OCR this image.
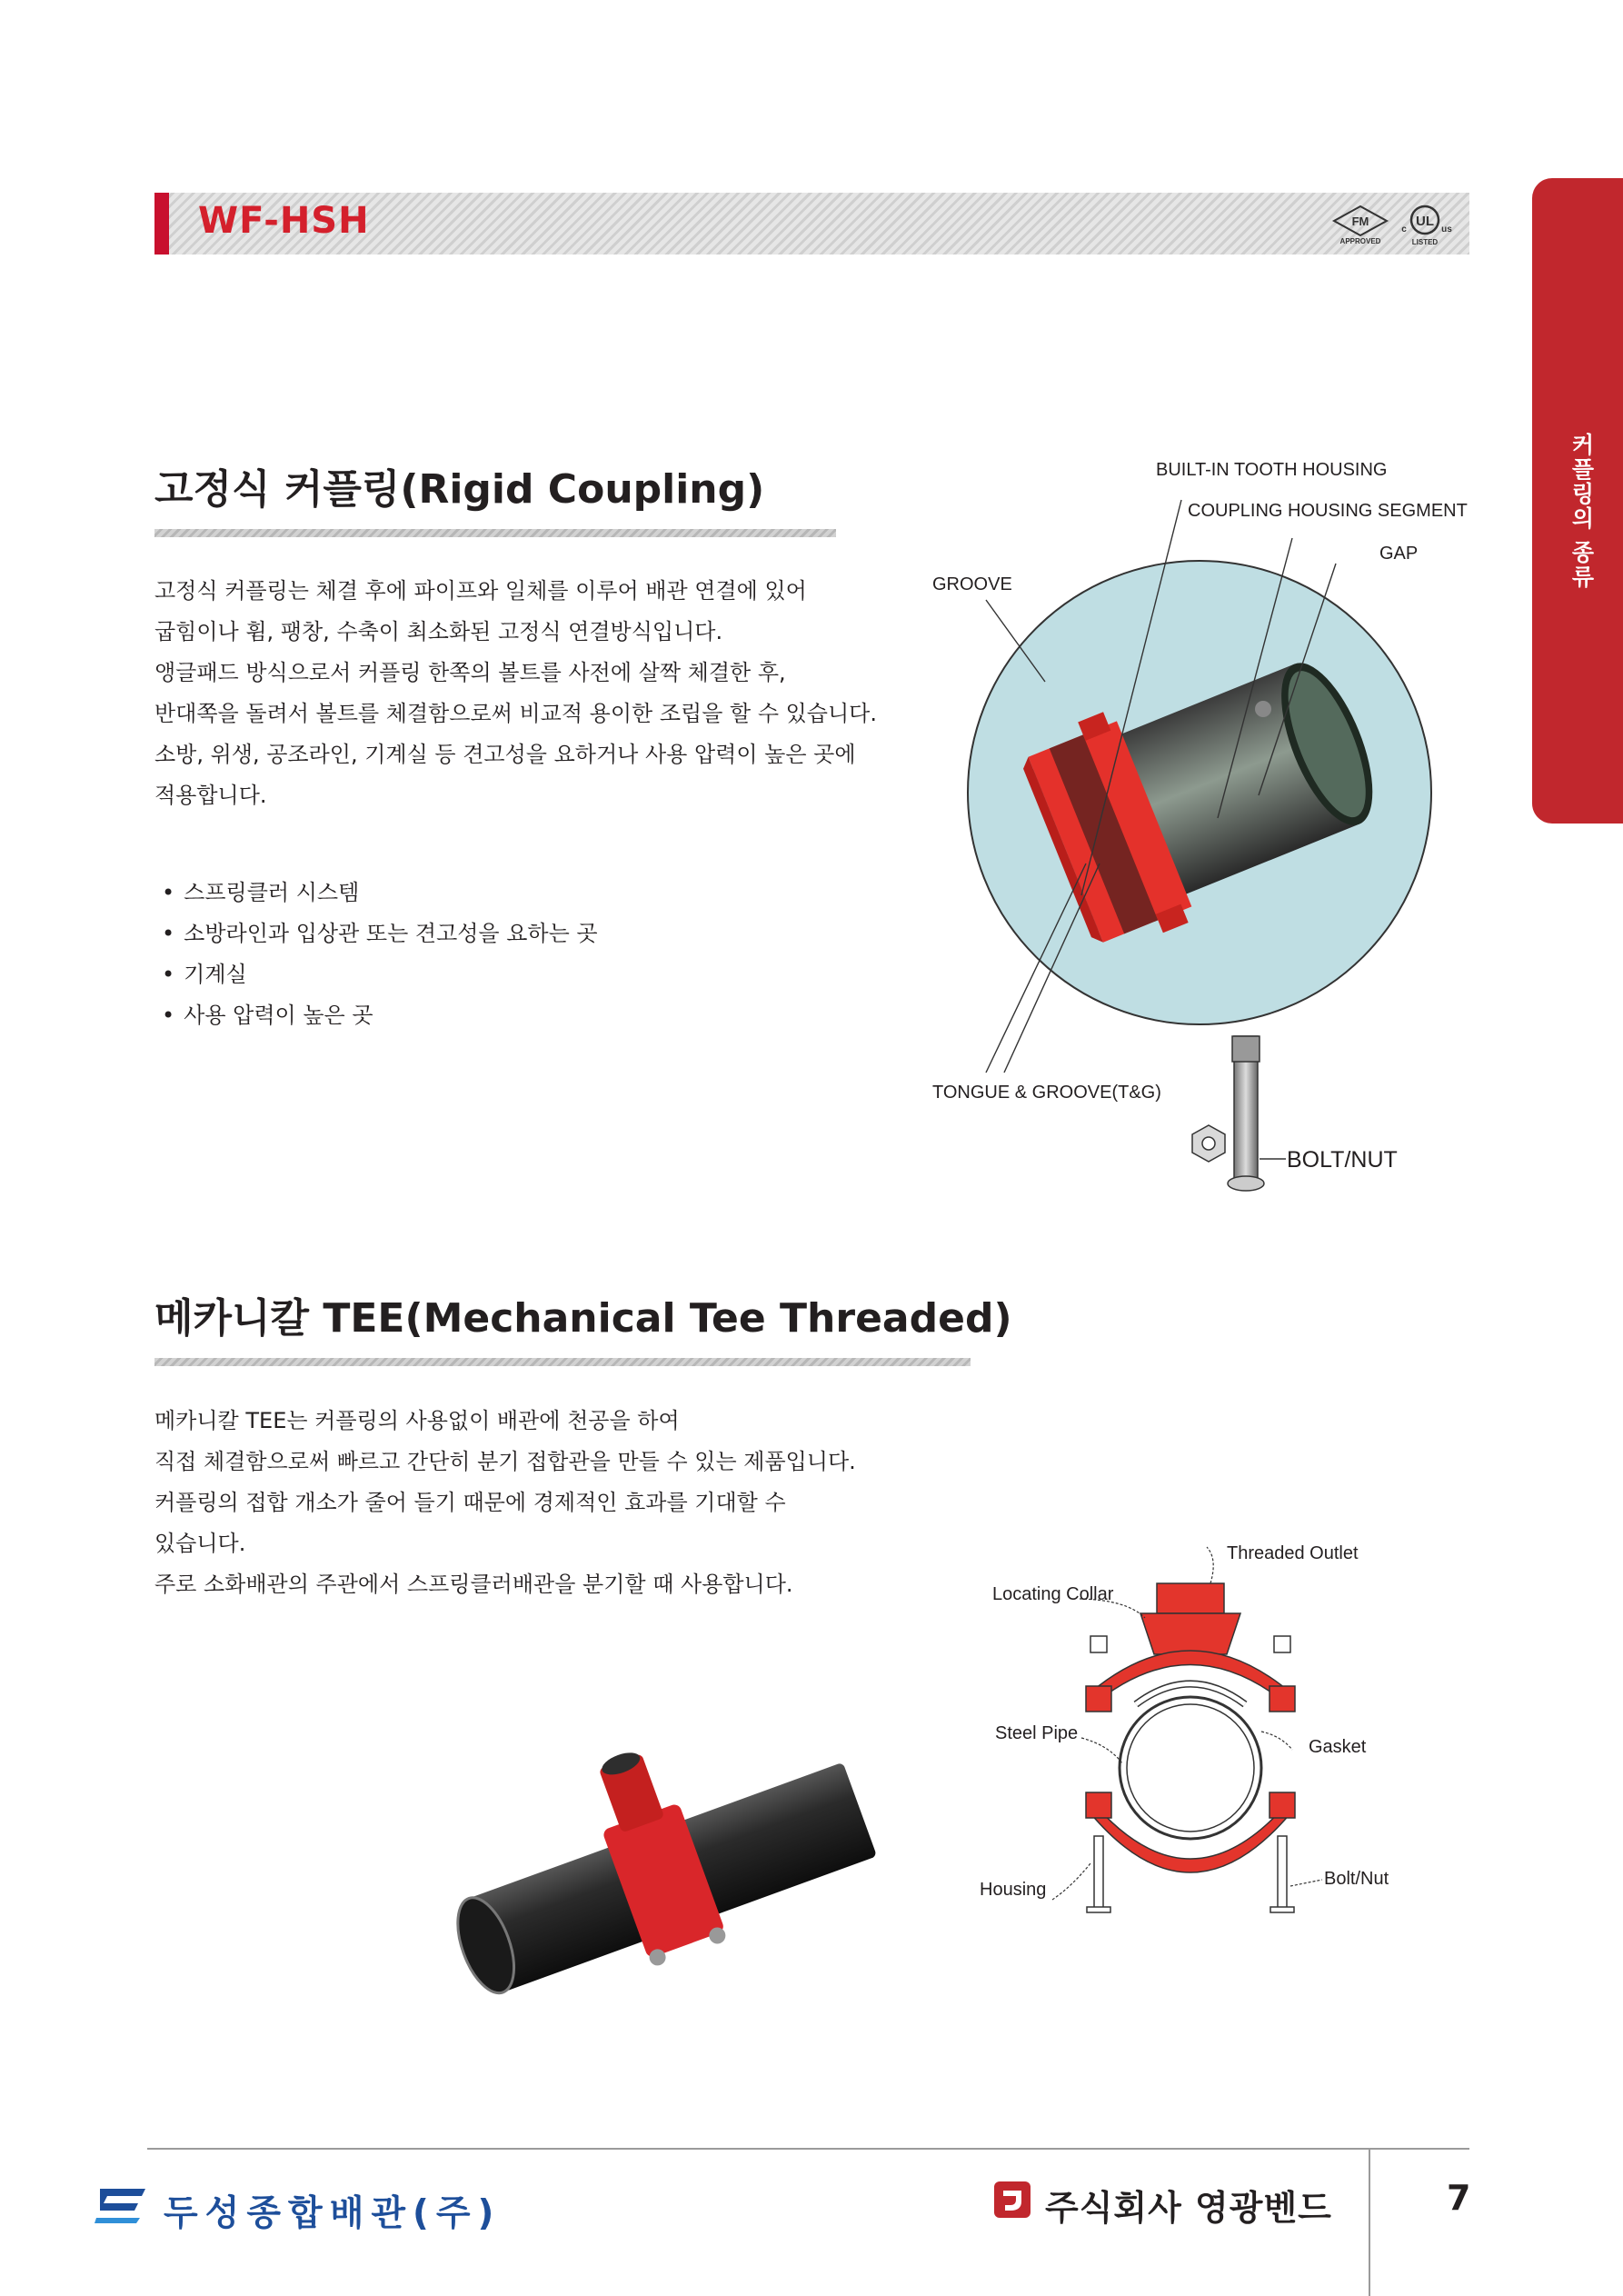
WF-HSH	FM
APPROVED
UL
c	us
LISTED
커플링의 종류
고정식 커플링(Rigid Coupling)

고정식 커플링는 체결 후에 파이프와 일체를 이루어 배관 연결에 있어

굽힘이나 휨, 팽창, 수축이 최소화된 고정식 연결방식입니다.

앵글패드 방식으로서 커플링 한쪽의 볼트를 사전에 살짝 체결한 후,

반대쪽을 돌려서 볼트를 체결함으로써 비교적 용이한 조립을 할 수 있습니다.

소방, 위생, 공조라인, 기계실 등 견고성을 요하거나 사용 압력이 높은 곳에

적용합니다.

• 스프링클러 시스템
• 소방라인과 입상관 또는 견고성을 요하는 곳
• 기계실
• 사용 압력이 높은 곳
BUILT-IN TOOTH HOUSING
COUPLING HOUSING SEGMENT
GAP
GROOVE
TONGUE & GROOVE(T&G)
BOLT/NUT
메카니칼 TEE(Mechanical Tee Threaded)

메카니칼 TEE는 커플링의 사용없이 배관에 천공을 하여

직접 체결함으로써 빠르고 간단히 분기 접합관을 만들 수 있는 제품입니다.

커플링의 접합 개소가 줄어 들기 때문에 경제적인 효과를 기대할 수

있습니다.

주로 소화배관의 주관에서 스프링클러배관을 분기할 때 사용합니다.

Threaded Outlet
Locating Collar
Steel Pipe
Gasket
Housing
Bolt/Nut
두성종합배관(주)	주식회사 영광벤드	7
